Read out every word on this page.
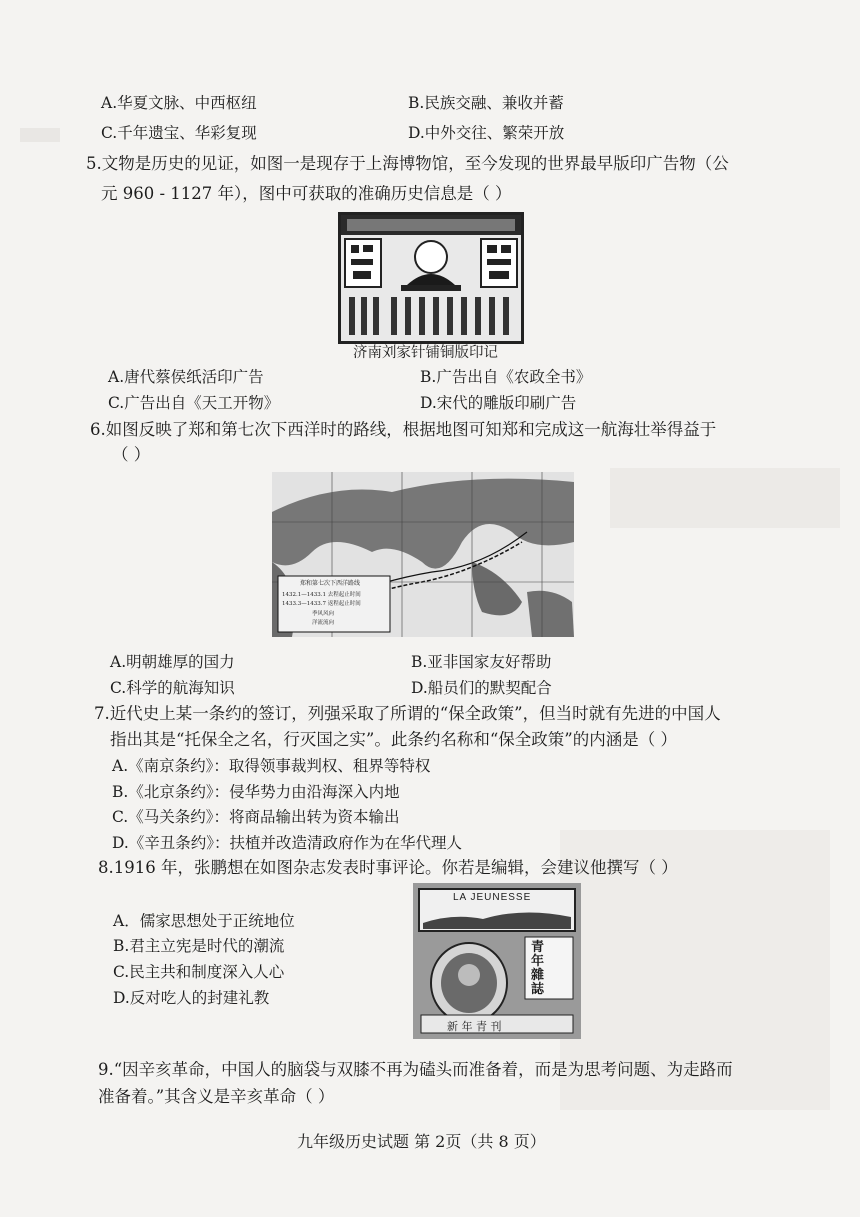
A.华夏文脉、中西枢纽	B.民族交融、兼收并蓄
C.千年遗宝、华彩复现	D.中外交往、繁荣开放
5.文物是历史的见证，如图一是现存于上海博物馆，至今发现的世界最早版印广告物（公
元 960 - 1127 年），图中可获取的准确历史信息是（ ）
济南刘家针铺铜版印记
A.唐代蔡侯纸活印广告	B.广告出自《农政全书》
C.广告出自《天工开物》	D.宋代的雕版印刷广告
6.如图反映了郑和第七次下西洋时的路线，根据地图可知郑和完成这一航海壮举得益于
（ ）
郑和第七次下西洋路线
1432.1—1433.1 去程起止时间
1433.3—1433.7 返程起止时间
季风风向
洋流流向
A.明朝雄厚的国力	B.亚非国家友好帮助
C.科学的航海知识	D.船员们的默契配合
7.近代史上某一条约的签订，列强采取了所谓的“保全政策”，但当时就有先进的中国人
指出其是“托保全之名，行灭国之实”。此条约名称和“保全政策”的内涵是（ ）
A.《南京条约》：取得领事裁判权、租界等特权
B.《北京条约》：侵华势力由沿海深入内地
C.《马关条约》：将商品输出转为资本输出
D.《辛丑条约》：扶植并改造清政府作为在华代理人
8.1916 年，张鹏想在如图杂志发表时事评论。你若是编辑，会建议他撰写（ ）
A．儒家思想处于正统地位
B.君主立宪是时代的潮流
C.民主共和制度深入人心
D.反对吃人的封建礼教
LA JEUNESSE
青年雜誌
新 年 青 刊
9.“因辛亥革命，中国人的脑袋与双膝不再为磕头而准备着，而是为思考问题、为走路而
准备着。”其含义是辛亥革命（ ）
九年级历史试题 第 2页（共 8 页）
